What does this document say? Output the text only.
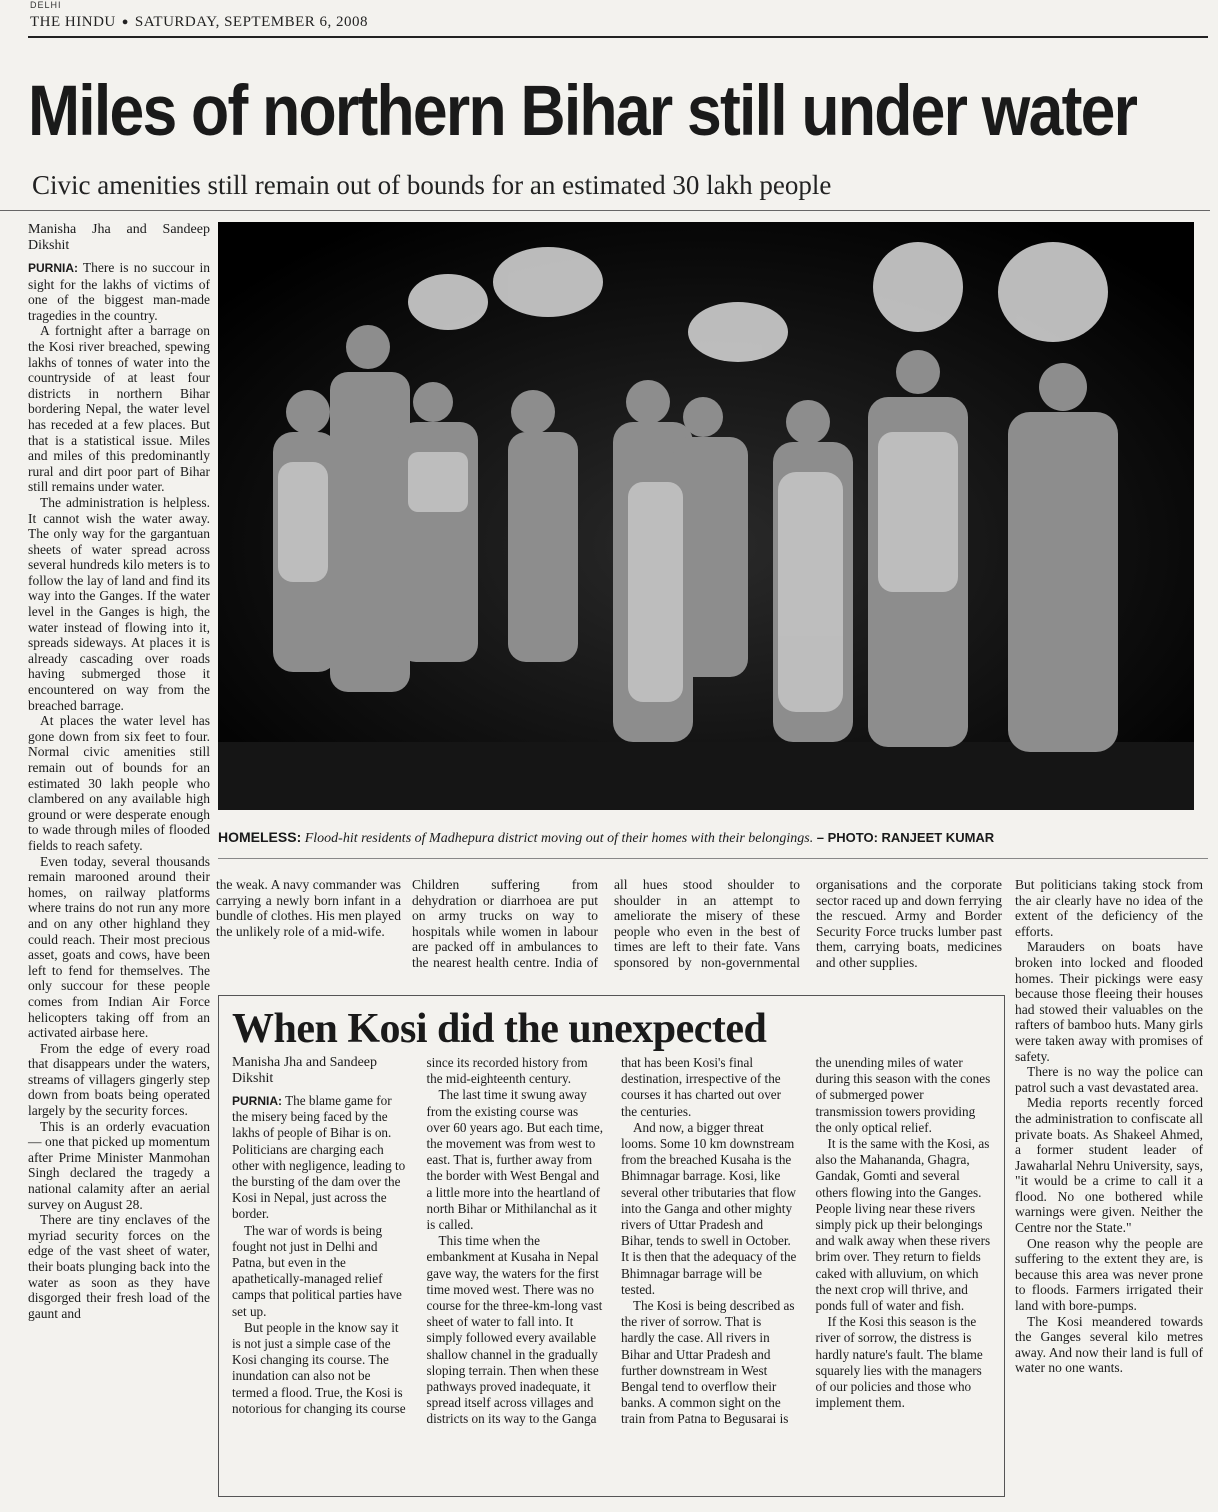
DELHI
THE HINDU ● SATURDAY, SEPTEMBER 6, 2008
Miles of northern Bihar still under water
Civic amenities still remain out of bounds for an estimated 30 lakh people

Manisha Jha and Sandeep Dikshit

PURNIA: There is no succour in sight for the lakhs of victims of one of the biggest man-made tragedies in the country.

A fortnight after a barrage on the Kosi river breached, spewing lakhs of tonnes of water into the countryside of at least four districts in northern Bihar bordering Nepal, the water level has receded at a few places. But that is a statistical issue. Miles and miles of this predominantly rural and dirt poor part of Bihar still remains under water.

The administration is helpless. It cannot wish the water away. The only way for the gargantuan sheets of water spread across several hundreds kilo meters is to follow the lay of land and find its way into the Ganges. If the water level in the Ganges is high, the water instead of flowing into it, spreads sideways. At places it is already cascading over roads having submerged those it encountered on way from the breached barrage.

At places the water level has gone down from six feet to four. Normal civic amenities still remain out of bounds for an estimated 30 lakh people who clambered on any available high ground or were desperate enough to wade through miles of flooded fields to reach safety.

Even today, several thousands remain marooned around their homes, on railway platforms where trains do not run any more and on any other highland they could reach. Their most precious asset, goats and cows, have been left to fend for themselves. The only succour for these people comes from Indian Air Force helicopters taking off from an activated airbase here.

From the edge of every road that disappears under the waters, streams of villagers gingerly step down from boats being operated largely by the security forces.

This is an orderly evacuation — one that picked up momentum after Prime Minister Manmohan Singh declared the tragedy a national calamity after an aerial survey on August 28.

There are tiny enclaves of the myriad security forces on the edge of the vast sheet of water, their boats plunging back into the water as soon as they have disgorged their fresh load of the gaunt and

HOMELESS: Flood-hit residents of Madhepura district moving out of their homes with their belongings. – PHOTO: RANJEET KUMAR

the weak. A navy commander was carrying a newly born infant in a bundle of clothes. His men played the unlikely role of a mid-wife.

Children suffering from dehydration or diarrhoea are put on army trucks on way to hospitals while women in labour are packed off in ambulances to the nearest health centre. India of all hues stood shoulder to shoulder in an attempt to ameliorate the misery of these people who even in the best of times are left to their fate. Vans sponsored by non-governmental organisations and the corporate sector raced up and down ferrying the rescued. Army and Border Security Force trucks lumber past them, carrying boats, medicines and other supplies.

But politicians taking stock from the air clearly have no idea of the extent of the deficiency of the efforts.

Marauders on boats have broken into locked and flooded homes. Their pickings were easy because those fleeing their houses had stowed their valuables on the rafters of bamboo huts. Many girls were taken away with promises of safety.

There is no way the police can patrol such a vast devastated area.

Media reports recently forced the administration to confiscate all private boats. As Shakeel Ahmed, a former student leader of Jawaharlal Nehru University, says, "it would be a crime to call it a flood. No one bothered while warnings were given. Neither the Centre nor the State."

One reason why the people are suffering to the extent they are, is because this area was never prone to floods. Farmers irrigated their land with bore-pumps.

The Kosi meandered towards the Ganges several kilo metres away. And now their land is full of water no one wants.

When Kosi did the unexpected

Manisha Jha and Sandeep Dikshit

PURNIA: The blame game for the misery being faced by the lakhs of people of Bihar is on. Politicians are charging each other with negligence, leading to the bursting of the dam over the Kosi in Nepal, just across the border.

The war of words is being fought not just in Delhi and Patna, but even in the apathetically-managed relief camps that political parties have set up.

But people in the know say it is not just a simple case of the Kosi changing its course. The inundation can also not be termed a flood. True, the Kosi is notorious for changing its course since its recorded history from the mid-eighteenth century.

The last time it swung away from the existing course was over 60 years ago. But each time, the movement was from west to east. That is, further away from the border with West Bengal and a little more into the heartland of north Bihar or Mithilanchal as it is called.

This time when the embankment at Kusaha in Nepal gave way, the waters for the first time moved west. There was no course for the three-km-long vast sheet of water to fall into. It simply followed every available shallow channel in the gradually sloping terrain. Then when these pathways proved inadequate, it spread itself across villages and districts on its way to the Ganga that has been Kosi's final destination, irrespective of the courses it has charted out over the centuries.

And now, a bigger threat looms. Some 10 km downstream from the breached Kusaha is the Bhimnagar barrage. Kosi, like several other tributaries that flow into the Ganga and other mighty rivers of Uttar Pradesh and Bihar, tends to swell in October. It is then that the adequacy of the Bhimnagar barrage will be tested.

The Kosi is being described as the river of sorrow. That is hardly the case. All rivers in Bihar and Uttar Pradesh and further downstream in West Bengal tend to overflow their banks. A common sight on the train from Patna to Begusarai is the unending miles of water during this season with the cones of submerged power transmission towers providing the only optical relief.

It is the same with the Kosi, as also the Mahananda, Ghagra, Gandak, Gomti and several others flowing into the Ganges. People living near these rivers simply pick up their belongings and walk away when these rivers brim over. They return to fields caked with alluvium, on which the next crop will thrive, and ponds full of water and fish.

If the Kosi this season is the river of sorrow, the distress is hardly nature's fault. The blame squarely lies with the managers of our policies and those who implement them.
